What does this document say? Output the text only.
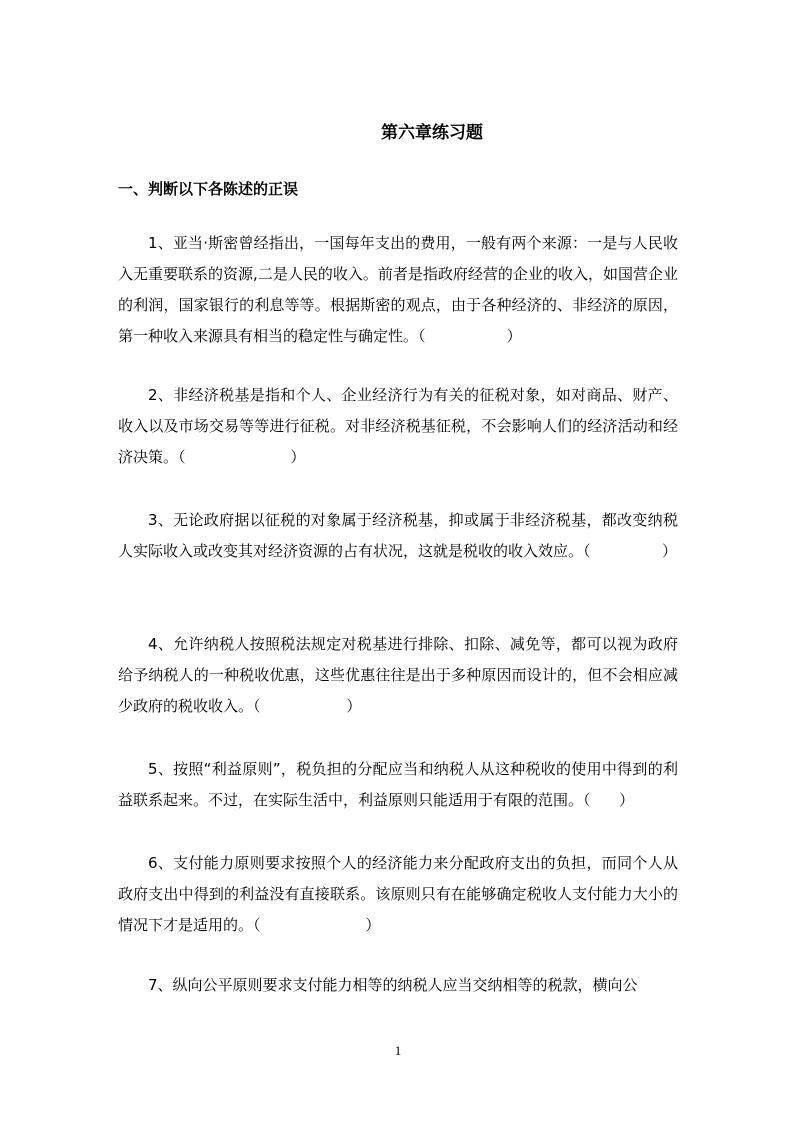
第六章练习题
一、判断以下各陈述的正误

1、亚当·斯密曾经指出，一国每年支出的费用，一般有两个来源：一是与人民收入无重要联系的资源,二是人民的收入。前者是指政府经营的企业的收入，如国营企业的利润，国家银行的利息等等。根据斯密的观点，由于各种经济的、非经济的原因，第一种收入来源具有相当的稳定性与确定性。（                 ）

2、非经济税基是指和个人、企业经济行为有关的征税对象，如对商品、财产、收入以及市场交易等等进行征税。对非经济税基征税，不会影响人们的经济活动和经济决策。（                      ）

3、无论政府据以征税的对象属于经济税基，抑或属于非经济税基，都改变纳税人实际收入或改变其对经济资源的占有状况，这就是税收的收入效应。（               ）

4、允许纳税人按照税法规定对税基进行排除、扣除、减免等，都可以视为政府给予纳税人的一种税收优惠，这些优惠往往是出于多种原因而设计的，但不会相应减少政府的税收收入。（                  ）

5、按照“利益原则”，税负担的分配应当和纳税人从这种税收的使用中得到的利益联系起来。不过，在实际生活中，利益原则只能适用于有限的范围。（      ）

6、支付能力原则要求按照个人的经济能力来分配政府支出的负担，而同个人从政府支出中得到的利益没有直接联系。该原则只有在能够确定税收人支付能力大小的情况下才是适用的。（                      ）

7、纵向公平原则要求支付能力相等的纳税人应当交纳相等的税款，横向公

1
